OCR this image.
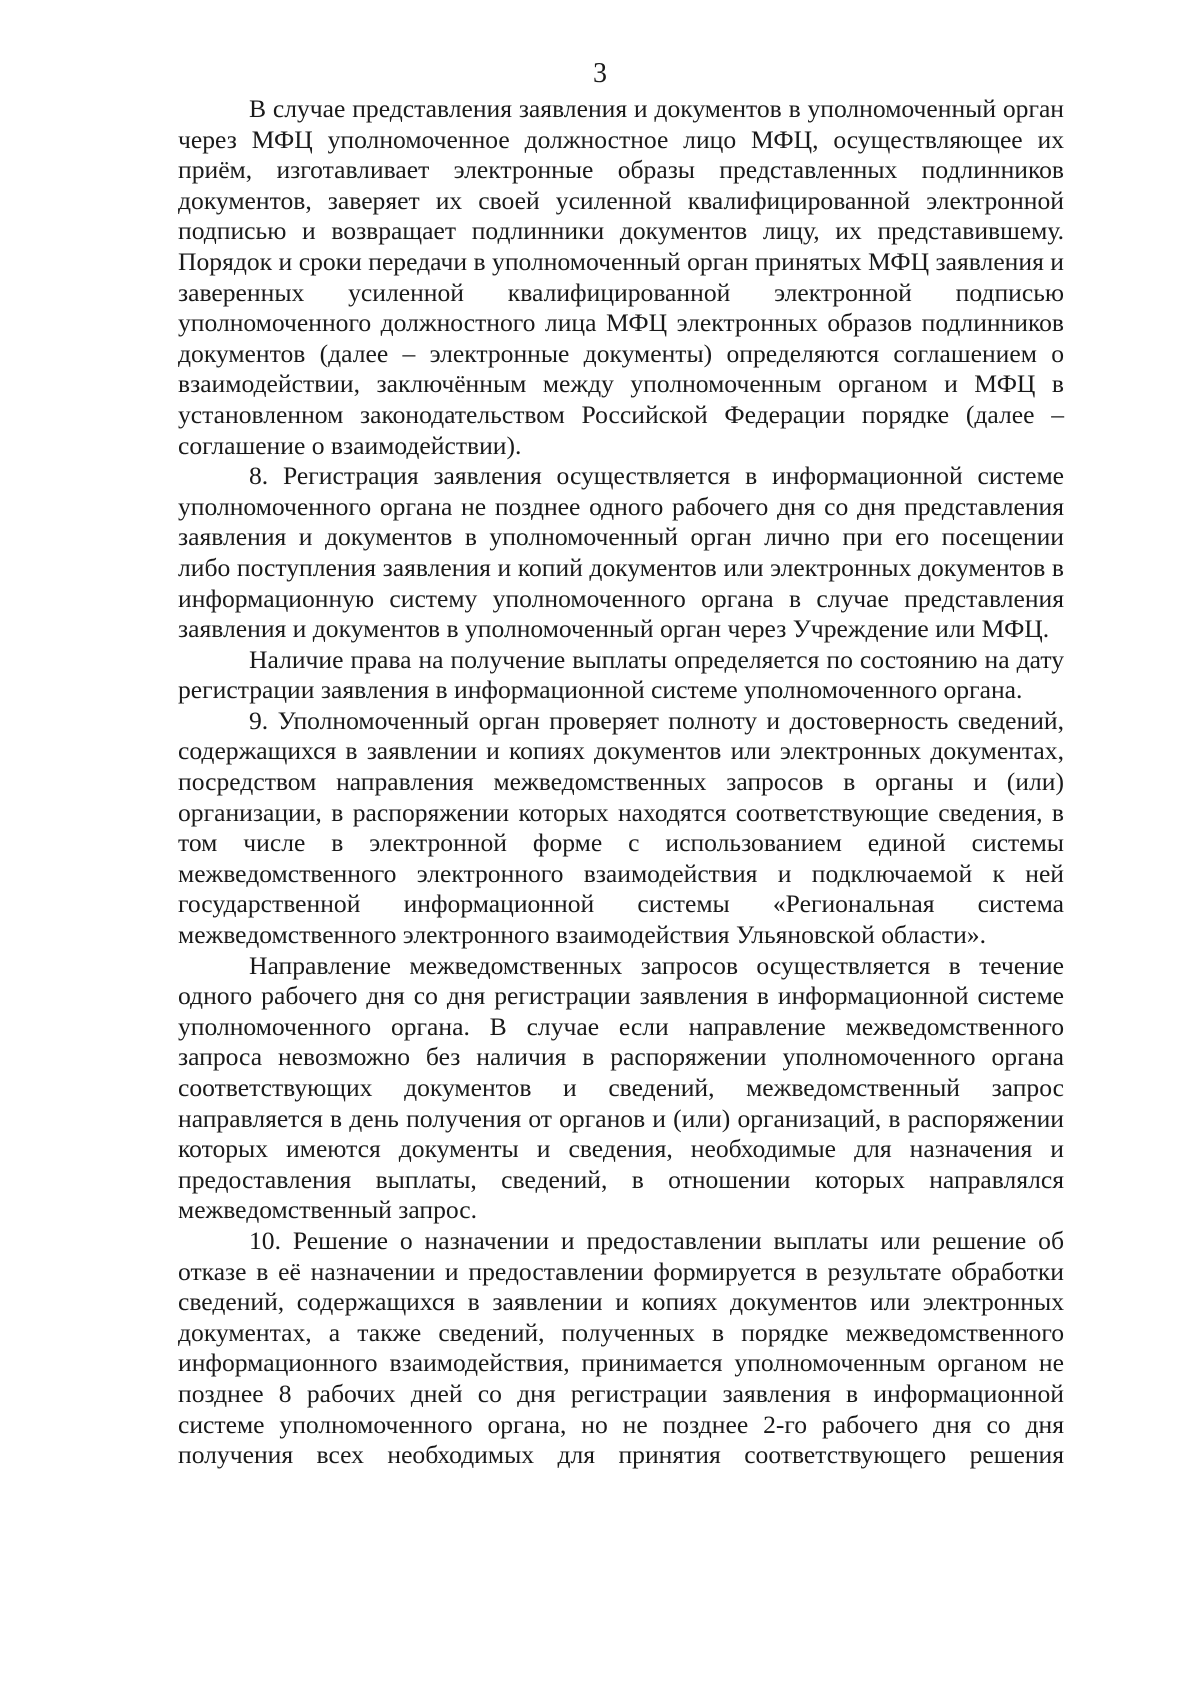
3

В случае представления заявления и документов в уполномоченный орган через МФЦ уполномоченное должностное лицо МФЦ, осуществляющее их приём, изготавливает электронные образы представленных подлинников документов, заверяет их своей усиленной квалифицированной электронной подписью и возвращает подлинники документов лицу, их представившему. Порядок и сроки передачи в уполномоченный орган принятых МФЦ заявления и заверенных усиленной квалифицированной электронной подписью уполномоченного должностного лица МФЦ электронных образов подлинников документов (далее – электронные документы) определяются соглашением о взаимодействии, заключённым между уполномоченным органом и МФЦ в установленном законодательством Российской Федерации порядке (далее – соглашение о взаимодействии).

8. Регистрация заявления осуществляется в информационной системе уполномоченного органа не позднее одного рабочего дня со дня представления заявления и документов в уполномоченный орган лично при его посещении либо поступления заявления и копий документов или электронных документов в информационную систему уполномоченного органа в случае представления заявления и документов в уполномоченный орган через Учреждение или МФЦ.

Наличие права на получение выплаты определяется по состоянию на дату регистрации заявления в информационной системе уполномоченного органа.

9. Уполномоченный орган проверяет полноту и достоверность сведений, содержащихся в заявлении и копиях документов или электронных документах, посредством направления межведомственных запросов в органы и (или) организации, в распоряжении которых находятся соответствующие сведения, в том числе в электронной форме с использованием единой системы межведомственного электронного взаимодействия и подключаемой к ней государственной информационной системы «Региональная система межведомственного электронного взаимодействия Ульяновской области».

Направление межведомственных запросов осуществляется в течение одного рабочего дня со дня регистрации заявления в информационной системе уполномоченного органа. В случае если направление межведомственного запроса невозможно без наличия в распоряжении уполномоченного органа соответствующих документов и сведений, межведомственный запрос направляется в день получения от органов и (или) организаций, в распоряжении которых имеются документы и сведения, необходимые для назначения и предоставления выплаты, сведений, в отношении которых направлялся межведомственный запрос.

10. Решение о назначении и предоставлении выплаты или решение об отказе в её назначении и предоставлении формируется в результате обработки сведений, содержащихся в заявлении и копиях документов или электронных документах, а также сведений, полученных в порядке межведомственного информационного взаимодействия, принимается уполномоченным органом не позднее 8 рабочих дней со дня регистрации заявления в информационной системе уполномоченного органа, но не позднее 2-го рабочего дня со дня получения всех необходимых для принятия соответствующего решения
